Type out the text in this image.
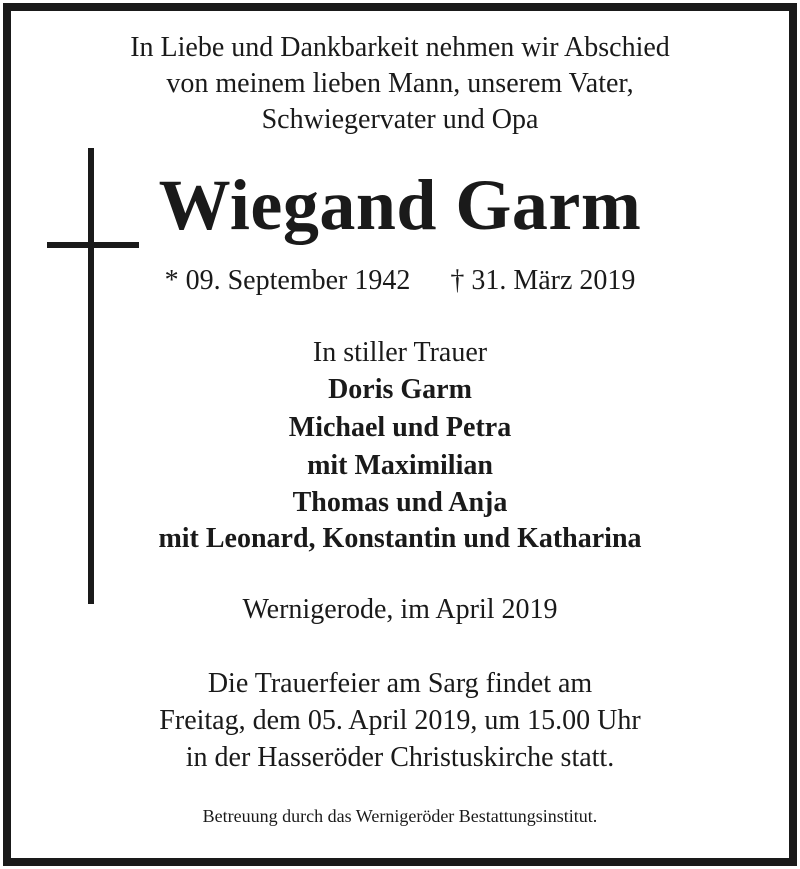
In Liebe und Dankbarkeit nehmen wir Abschied
von meinem lieben Mann, unserem Vater,
Schwiegervater und Opa
Wiegand Garm
* 09. September 1942 † 31. März 2019
In stiller Trauer
Doris Garm
Michael und Petra
mit Maximilian
Thomas und Anja
mit Leonard, Konstantin und Katharina
Wernigerode, im April 2019
Die Trauerfeier am Sarg findet am
Freitag, dem 05. April 2019, um 15.00 Uhr
in der Hasseröder Christuskirche statt.
Betreuung durch das Wernigeröder Bestattungsinstitut.
